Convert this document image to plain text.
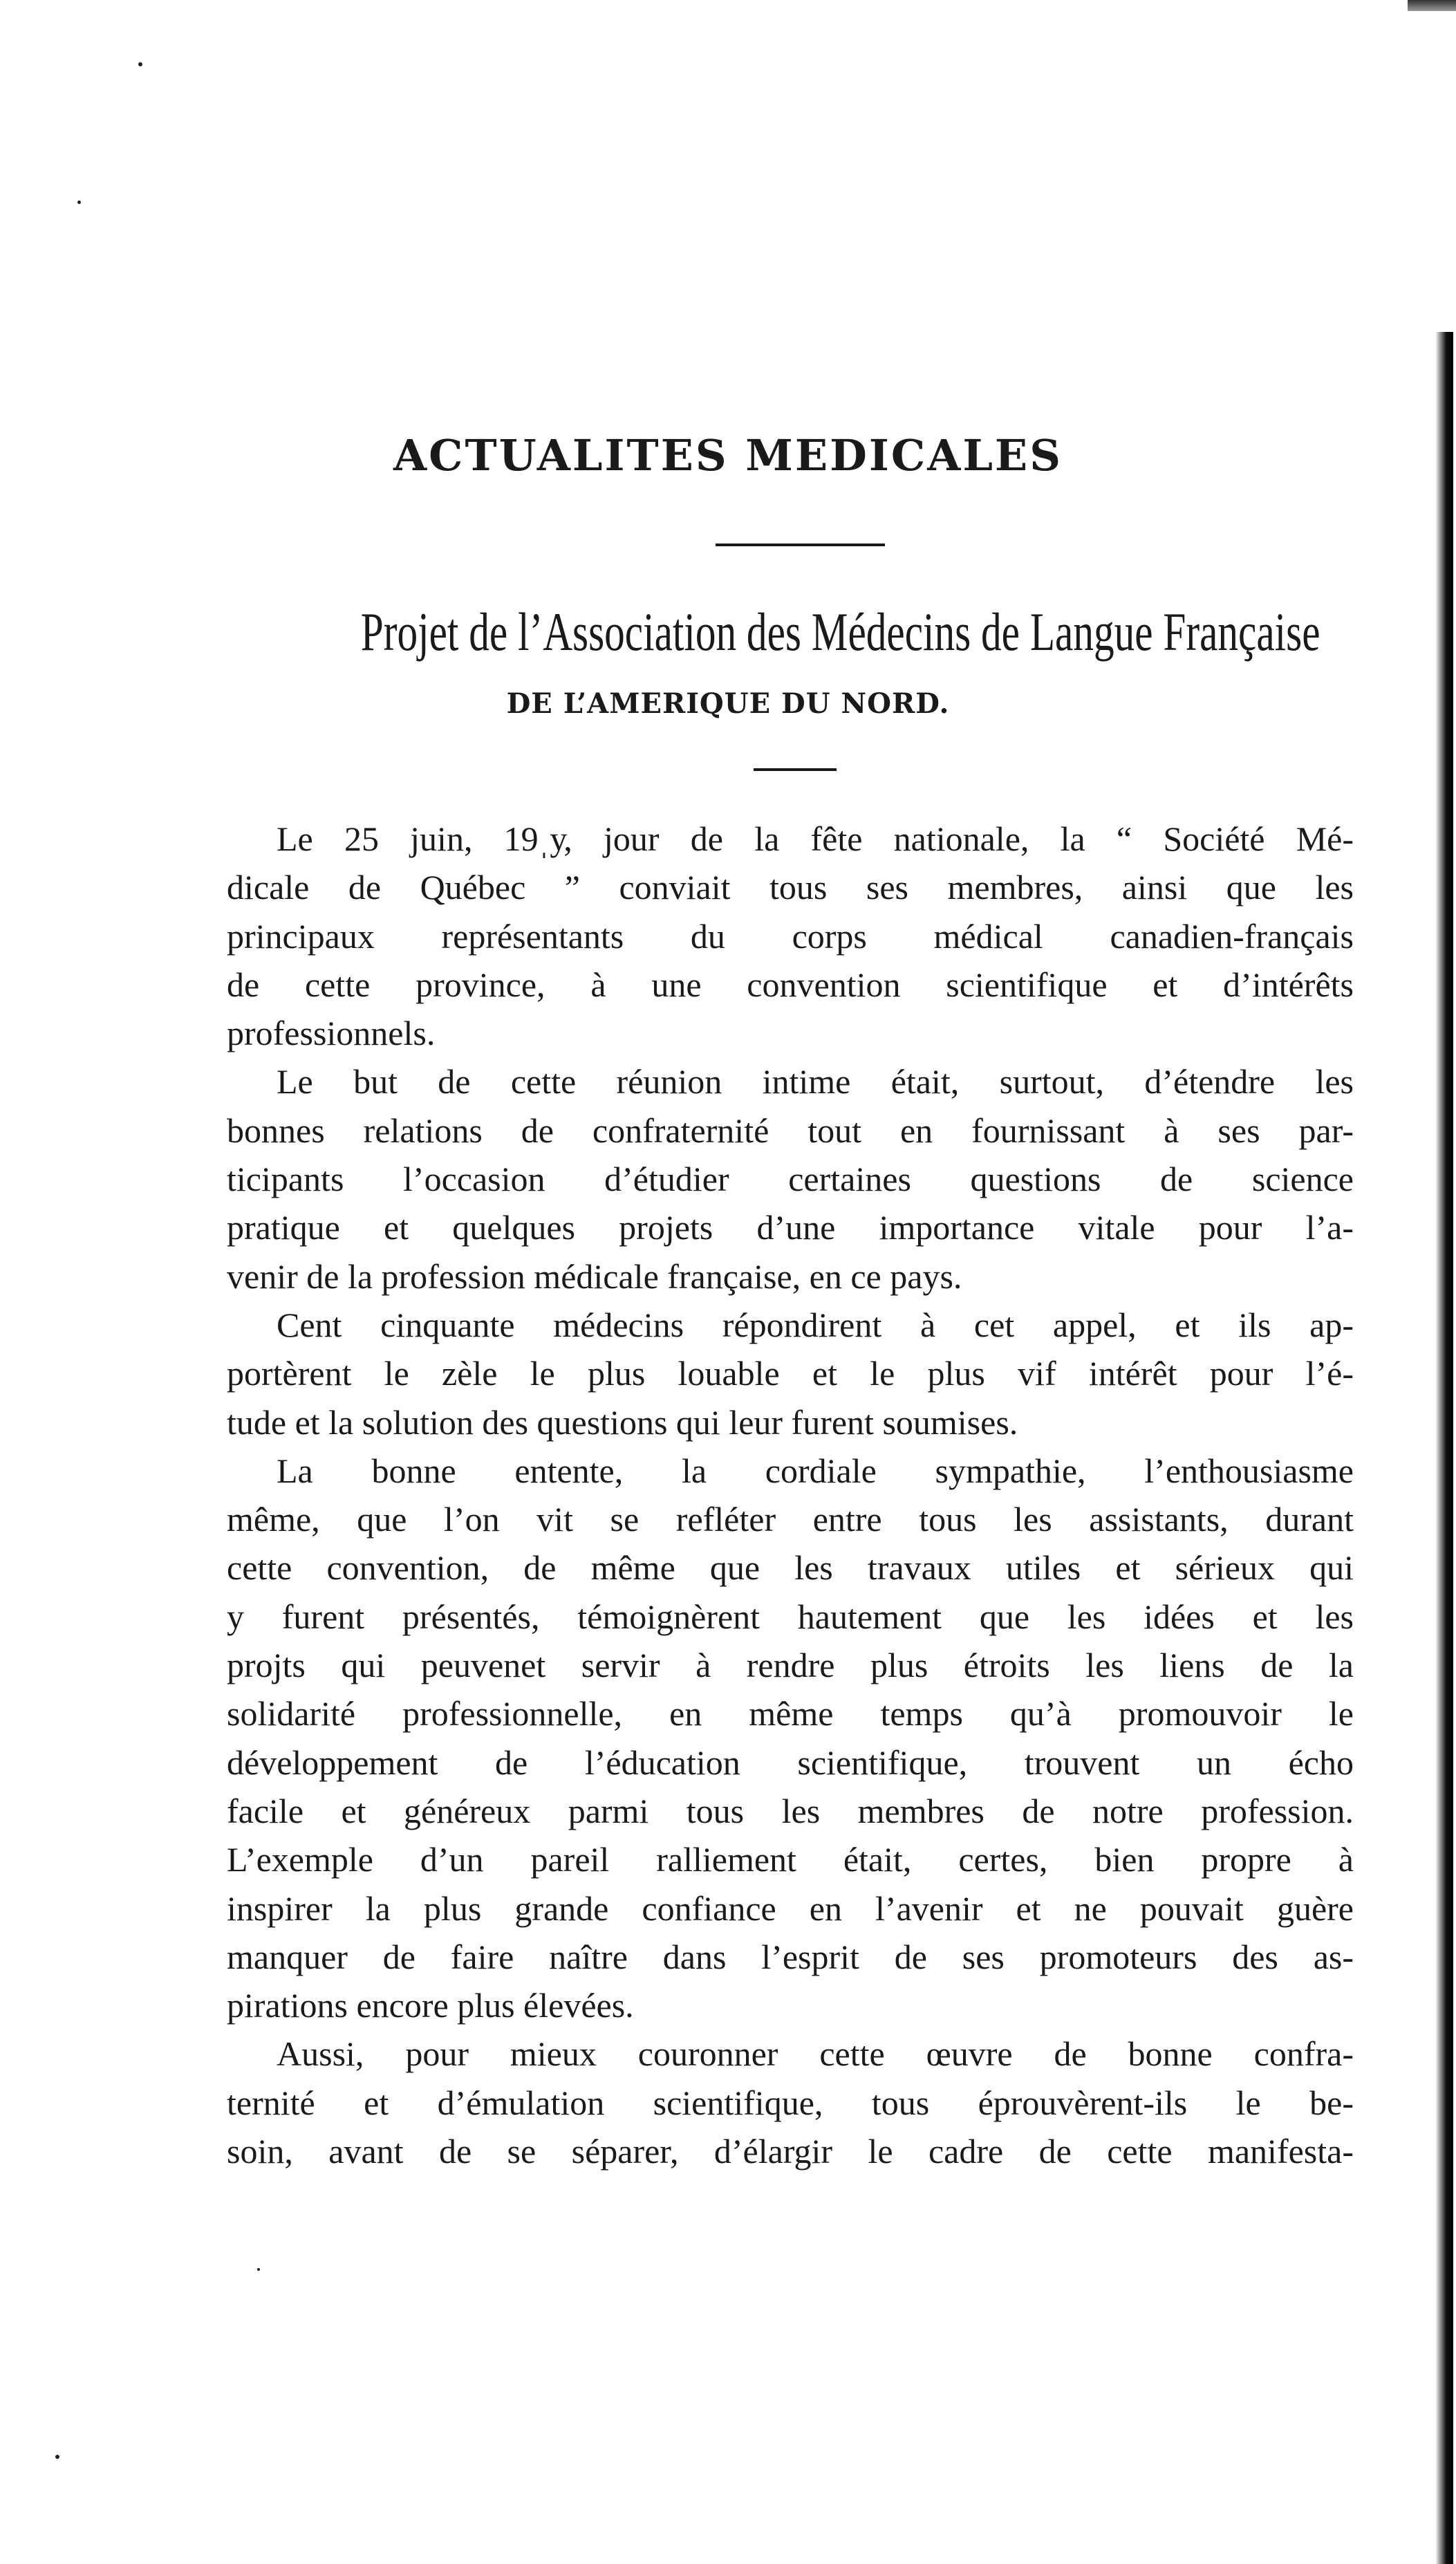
ACTUALITES MEDICALES
Projet de l’Association des Médecins de Langue Française
DE L’AMERIQUE DU NORD.
Le 25 juin, 19ˌу, jour de la fête nationale, la “ Société Mé-
dicale de Québec ” conviait tous ses membres, ainsi que les
principaux représentants du corps médical canadien-français
de cette province, à une convention scientifique et d’intérêts
professionnels.
Le but de cette réunion intime était, surtout, d’étendre les
bonnes relations de confraternité tout en fournissant à ses par-
ticipants l’occasion d’étudier certaines questions de science
pratique et quelques projets d’une importance vitale pour l’a-
venir de la profession médicale française, en ce pays.
Cent cinquante médecins répondirent à cet appel, et ils ap-
portèrent le zèle le plus louable et le plus vif intérêt pour l’é-
tude et la solution des questions qui leur furent soumises.
La bonne entente, la cordiale sympathie, l’enthousiasme
même, que l’on vit se refléter entre tous les assistants, durant
cette convention, de même que les travaux utiles et sérieux qui
y furent présentés, témoignèrent hautement que les idées et les
projts qui peuvenet servir à rendre plus étroits les liens de la
solidarité professionnelle, en même temps qu’à promouvoir le
développement de l’éducation scientifique, trouvent un écho
facile et généreux parmi tous les membres de notre profession.
L’exemple d’un pareil ralliement était, certes, bien propre à
inspirer la plus grande confiance en l’avenir et ne pouvait guère
manquer de faire naître dans l’esprit de ses promoteurs des as-
pirations encore plus élevées.
Aussi, pour mieux couronner cette œuvre de bonne confra-
ternité et d’émulation scientifique, tous éprouvèrent-ils le be-
soin, avant de se séparer, d’élargir le cadre de cette manifesta-
